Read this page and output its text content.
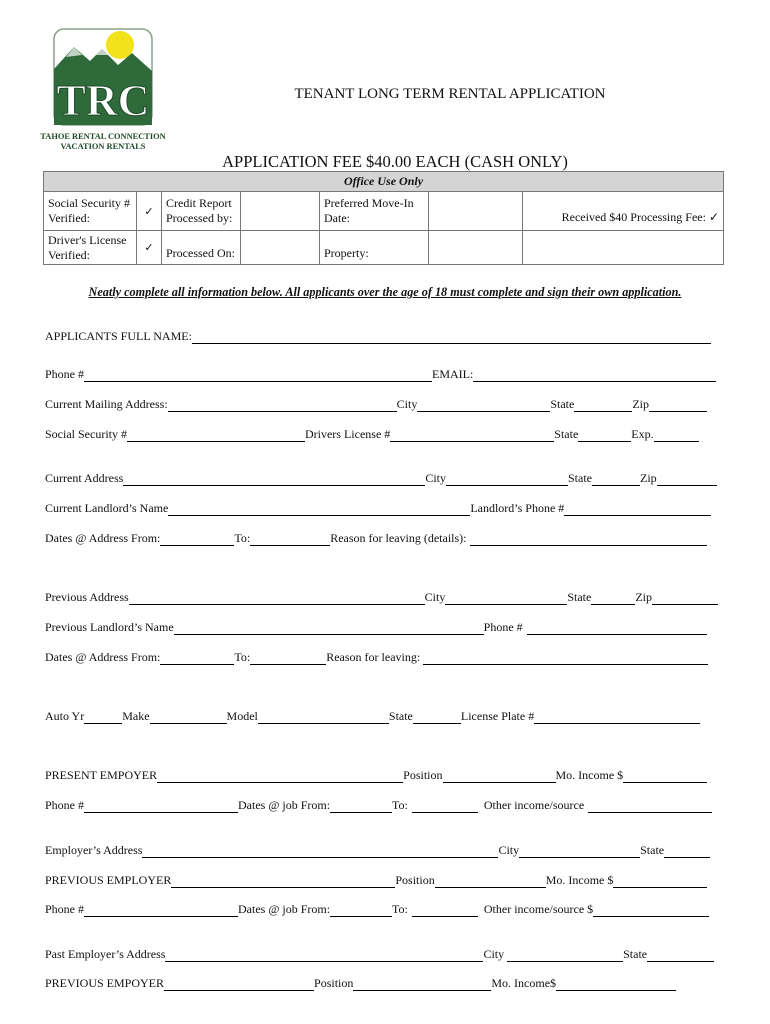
TRC
TAHOE RENTAL CONNECTION
VACATION RENTALS
TENANT LONG TERM RENTAL APPLICATION
APPLICATION FEE $40.00 EACH (CASH ONLY)
Office Use Only						
Social Security # Verified:	✓	Credit Report Processed by:		Preferred Move-In Date:		Received $40 Processing Fee: ✓
Driver's License Verified:	✓	Processed On:		Property:		
Neatly complete all information below. All applicants over the age of 18 must complete and sign their own application.
APPLICANTS FULL NAME:
Phone #	EMAIL:
Current Mailing Address:	City	State	Zip
Social Security #	Drivers License #	State	Exp.
Current Address	City	State	Zip
Current Landlord’s Name	Landlord’s Phone #
Dates @ Address From:	To:	Reason for leaving (details):
Previous Address	City	State	Zip
Previous Landlord’s Name	Phone #
Dates @ Address From:	To:	Reason for leaving:
Auto Yr	Make	Model	State	License Plate #
PRESENT EMPOYER	Position	Mo. Income $
Phone #	Dates @ job From:	To:	Other income/source
Employer’s Address	City	State
PREVIOUS EMPLOYER	Position	Mo. Income $
Phone #	Dates @ job From:	To:	Other income/source $
Past Employer’s Address	City	State
PREVIOUS EMPOYER	Position	Mo. Income$
